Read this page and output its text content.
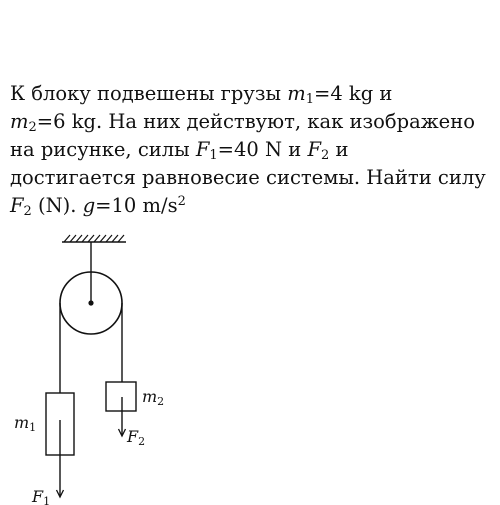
К блоку подвешены грузы $m_1=4$ kg и
$m_2=6$ kg. На них действуют, как изображено
на рисунке, силы $F_1=40$ N и $F_2$ и
достигается равновесие системы. Найти силу
$F_2$ (N). g=10 $m/s^2$
m1
m2
F1
F2
